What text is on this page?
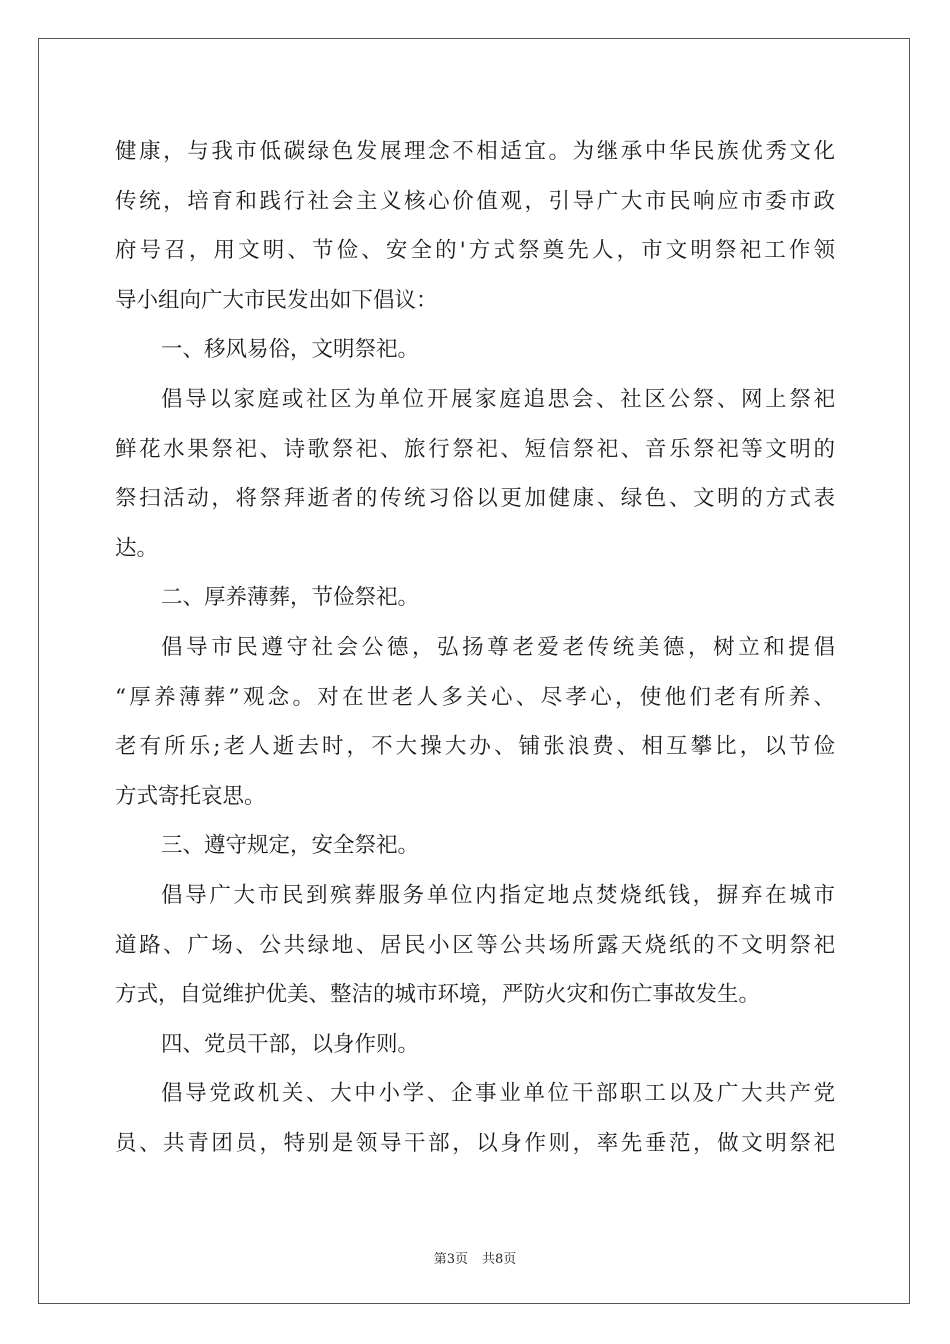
健康，与我市低碳绿色发展理念不相适宜。为继承中华民族优秀文化
传统，培育和践行社会主义核心价值观，引导广大市民响应市委市政
府号召，用文明、节俭、安全的'方式祭奠先人，市文明祭祀工作领
导小组向广大市民发出如下倡议：
一、移风易俗，文明祭祀。
倡导以家庭或社区为单位开展家庭追思会、社区公祭、网上祭祀
鲜花水果祭祀、诗歌祭祀、旅行祭祀、短信祭祀、音乐祭祀等文明的
祭扫活动，将祭拜逝者的传统习俗以更加健康、绿色、文明的方式表
达。
二、厚养薄葬，节俭祭祀。
倡导市民遵守社会公德，弘扬尊老爱老传统美德，树立和提倡
“厚养薄葬”观念。对在世老人多关心、尽孝心，使他们老有所养、
老有所乐;老人逝去时，不大操大办、铺张浪费、相互攀比，以节俭
方式寄托哀思。
三、遵守规定，安全祭祀。
倡导广大市民到殡葬服务单位内指定地点焚烧纸钱，摒弃在城市
道路、广场、公共绿地、居民小区等公共场所露天烧纸的不文明祭祀
方式，自觉维护优美、整洁的城市环境，严防火灾和伤亡事故发生。
四、党员干部，以身作则。
倡导党政机关、大中小学、企事业单位干部职工以及广大共产党
员、共青团员，特别是领导干部，以身作则，率先垂范，做文明祭祀
第3页 共8页
